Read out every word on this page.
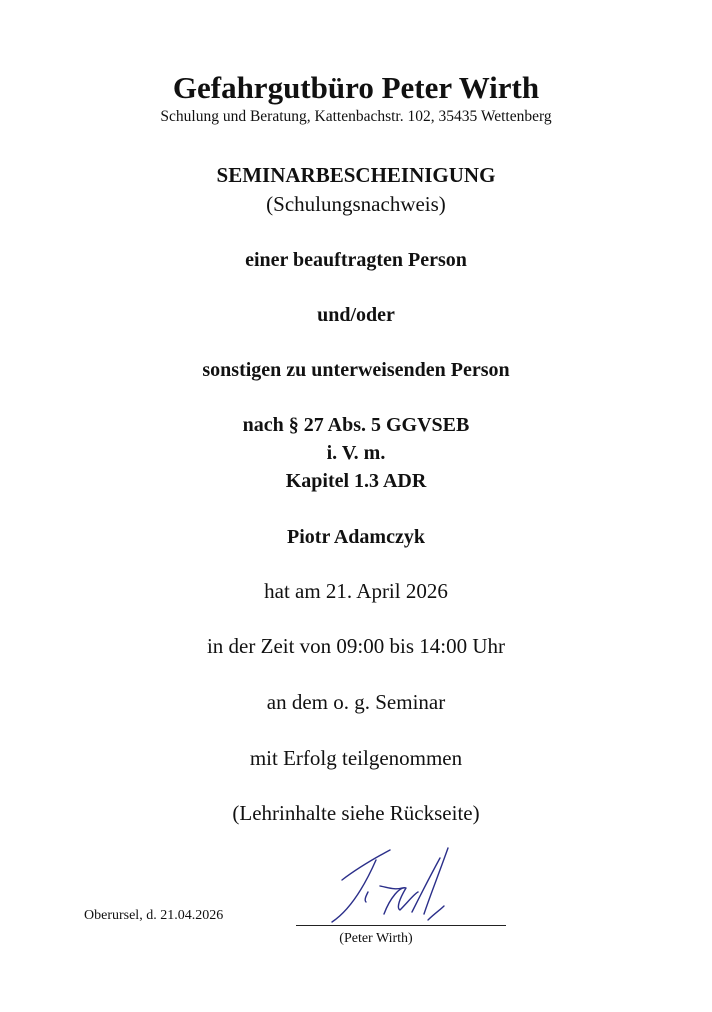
Gefahrgutbüro Peter Wirth
Schulung und Beratung, Kattenbachstr. 102, 35435 Wettenberg
SEMINARBESCHEINIGUNG
(Schulungsnachweis)
einer beauftragten Person
und/oder
sonstigen zu unterweisenden Person
nach § 27 Abs. 5 GGVSEB
i. V. m.
Kapitel 1.3 ADR
Piotr Adamczyk
hat am 21. April 2026
in der Zeit von 09:00 bis 14:00 Uhr
an dem o. g. Seminar
mit Erfolg teilgenommen
(Lehrinhalte siehe Rückseite)
Oberursel, d. 21.04.2026
(Peter Wirth)
